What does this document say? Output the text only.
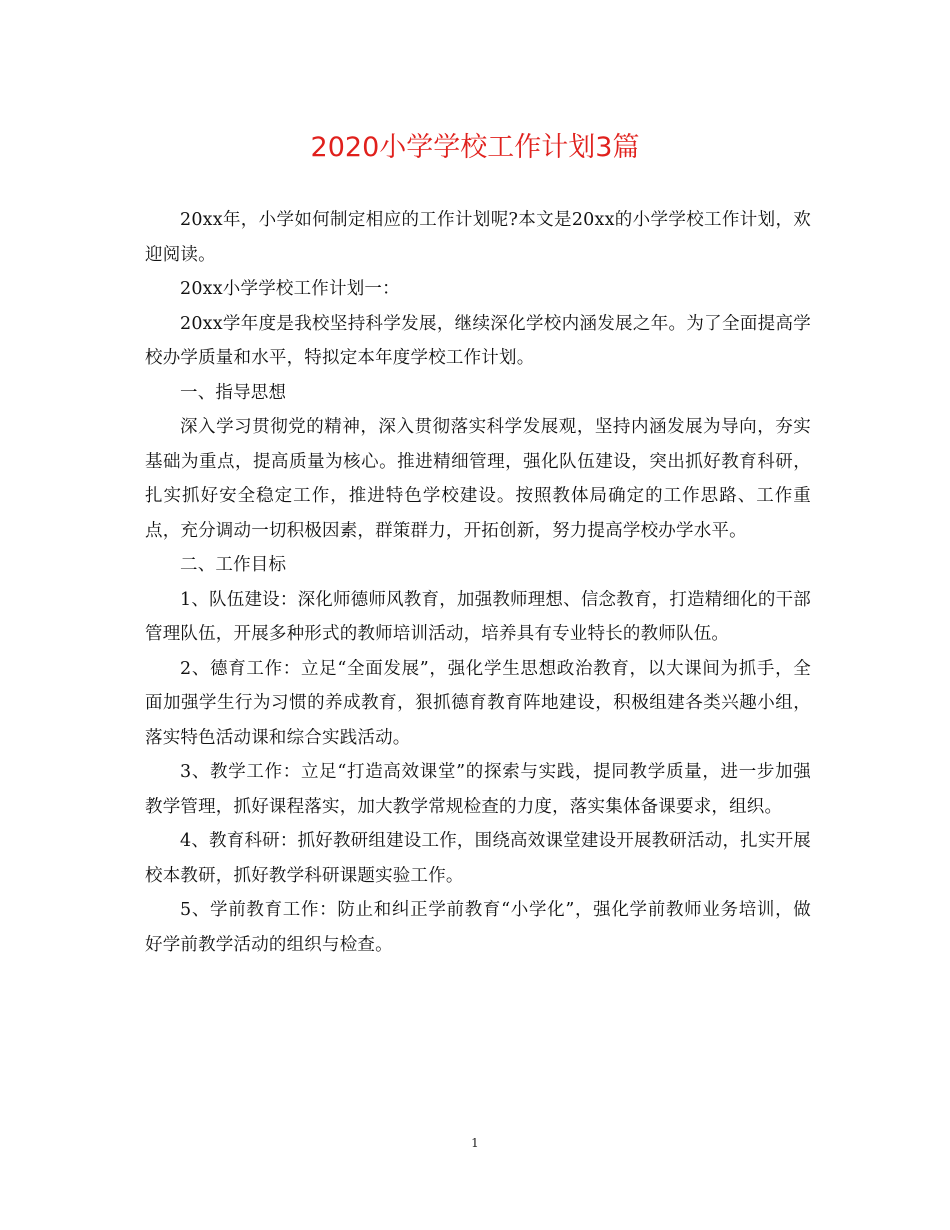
2020小学学校工作计划3篇

20xx年，小学如何制定相应的工作计划呢?本文是20xx的小学学校工作计划，欢迎阅读。

20xx小学学校工作计划一：

20xx学年度是我校坚持科学发展，继续深化学校内涵发展之年。为了全面提高学校办学质量和水平，特拟定本年度学校工作计划。

一、指导思想

深入学习贯彻党的精神，深入贯彻落实科学发展观，坚持内涵发展为导向，夯实基础为重点，提高质量为核心。推进精细管理，强化队伍建设，突出抓好教育科研，扎实抓好安全稳定工作，推进特色学校建设。按照教体局确定的工作思路、工作重点，充分调动一切积极因素，群策群力，开拓创新，努力提高学校办学水平。

二、工作目标

1、队伍建设：深化师德师风教育，加强教师理想、信念教育，打造精细化的干部管理队伍，开展多种形式的教师培训活动，培养具有专业特长的教师队伍。

2、德育工作：立足“全面发展”，强化学生思想政治教育，以大课间为抓手，全面加强学生行为习惯的养成教育，狠抓德育教育阵地建设，积极组建各类兴趣小组，落实特色活动课和综合实践活动。

3、教学工作：立足“打造高效课堂”的探索与实践，提同教学质量，进一步加强教学管理，抓好课程落实，加大教学常规检查的力度，落实集体备课要求，组织。

4、教育科研：抓好教研组建设工作，围绕高效课堂建设开展教研活动，扎实开展校本教研，抓好教学科研课题实验工作。

5、学前教育工作：防止和纠正学前教育“小学化”，强化学前教师业务培训，做好学前教学活动的组织与检查。

1
